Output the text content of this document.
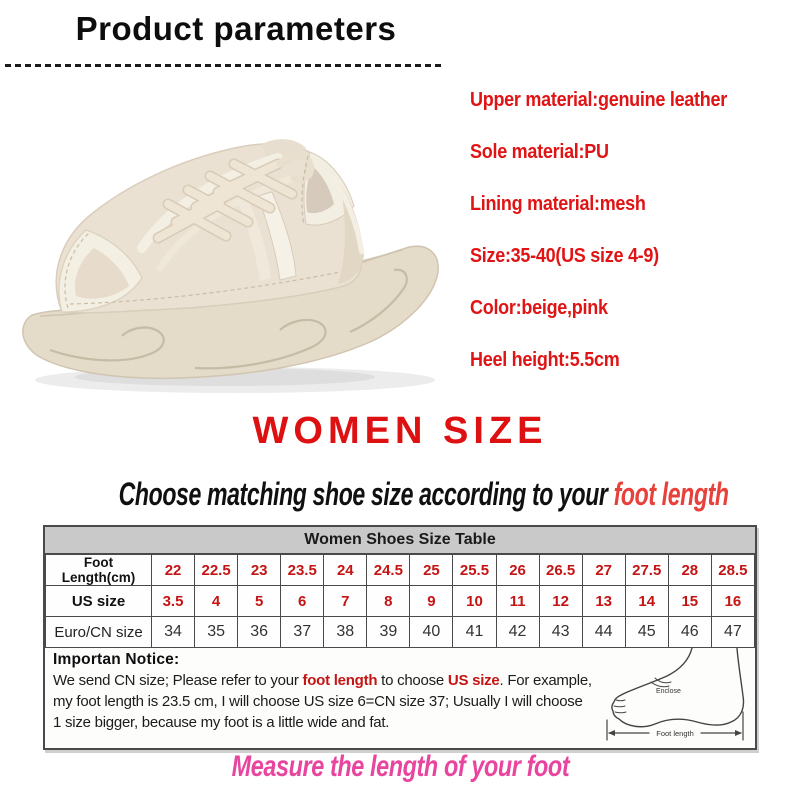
Product parameters
Upper material:genuine leather
Sole material:PU
Lining material:mesh
Size:35-40(US size 4-9)
Color:beige,pink
Heel height:5.5cm
WOMEN SIZE
Choose matching shoe size according to your foot length
Women Shoes Size Table
Foot Length(cm)	22	22.5	23	23.5	24	24.5	25	25.5	26	26.5	27	27.5	28	28.5
US size	3.5	4	5	6	7	8	9	10	11	12	13	14	15	16
Euro/CN size	34	35	36	37	38	39	40	41	42	43	44	45	46	47
Importan Notice:
We send CN size; Please refer to your foot length to choose US size. For example,
my foot length is 23.5 cm, I will choose US size 6=CN size 37; Usually I will choose
1 size bigger, because my foot is a little wide and fat.
Enclose
Foot length
Measure the length of your foot
